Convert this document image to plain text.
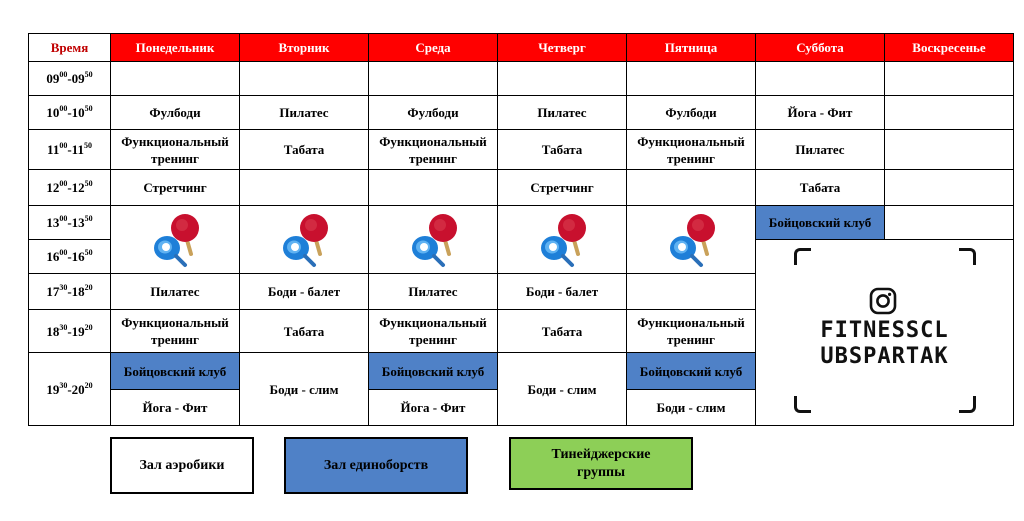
Время	Понедельник	Вторник	Среда	Четверг	Пятница	Суббота	Воскресенье
$09^{00}-09^{50}$							
$10^{00}-10^{50}$	Фулбоди	Пилатес	Фулбоди	Пилатес	Фулбоди	Йога - Фит	
$11^{00}-11^{50}$	Функциональный тренинг	Табата	Функциональный тренинг	Табата	Функциональный тренинг	Пилатес	
$12^{00}-12^{50}$	Стретчинг			Стретчинг		Табата	
$13^{00}-13^{50}$						Бойцовский клуб	
$16^{00}-16^{50}$						FITNESSCL
UBSPARTAK	

$17^{30}-18^{20}$	Пилатес	Боди - балет	Пилатес	Боди - балет			
$18^{30}-19^{20}$	Функциональный тренинг	Табата	Функциональный тренинг	Табата	Функциональный тренинг		
$19^{30}-20^{20}$	Бойцовский клуб	Боди - слим	Бойцовский клуб	Боди - слим	Бойцовский клуб		
	Йога - Фит		Йога - Фит		Боди - слим		
Зал аэробики	Зал единоборств
Тинейджерские группы
